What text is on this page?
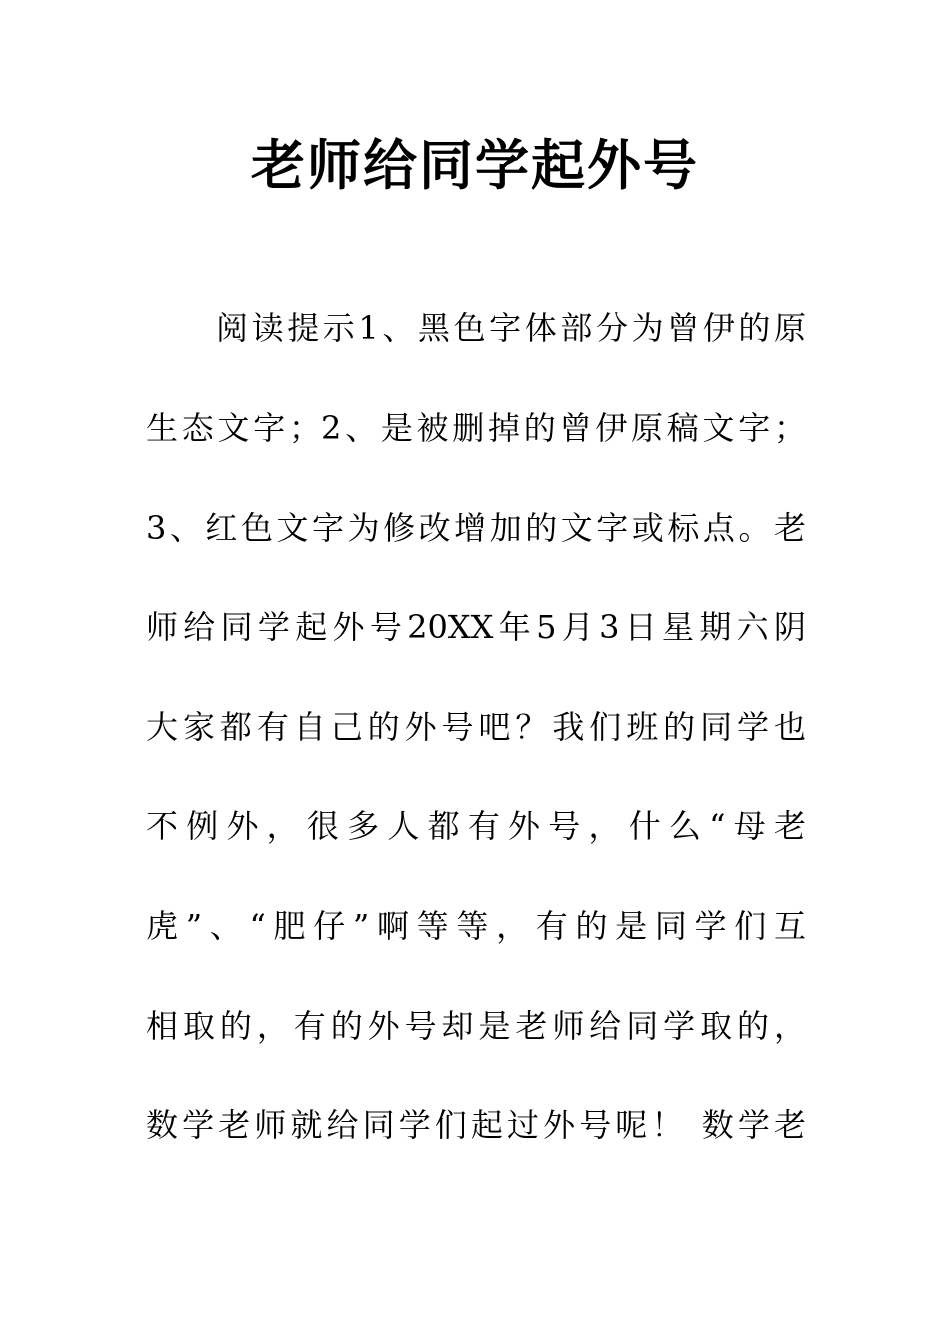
老师给同学起外号
阅读提示1、黑色字体部分为曾伊的原
生态文字；2、是被删掉的曾伊原稿文字；
3、红色文字为修改增加的文字或标点。老
师给同学起外号20XX年5月3日星期六阴
大家都有自己的外号吧？我们班的同学也
不例外，很多人都有外号，什么“母老
虎”、“肥仔”啊等等，有的是同学们互
相取的，有的外号却是老师给同学取的，
数学老师就给同学们起过外号呢！ 数学老
